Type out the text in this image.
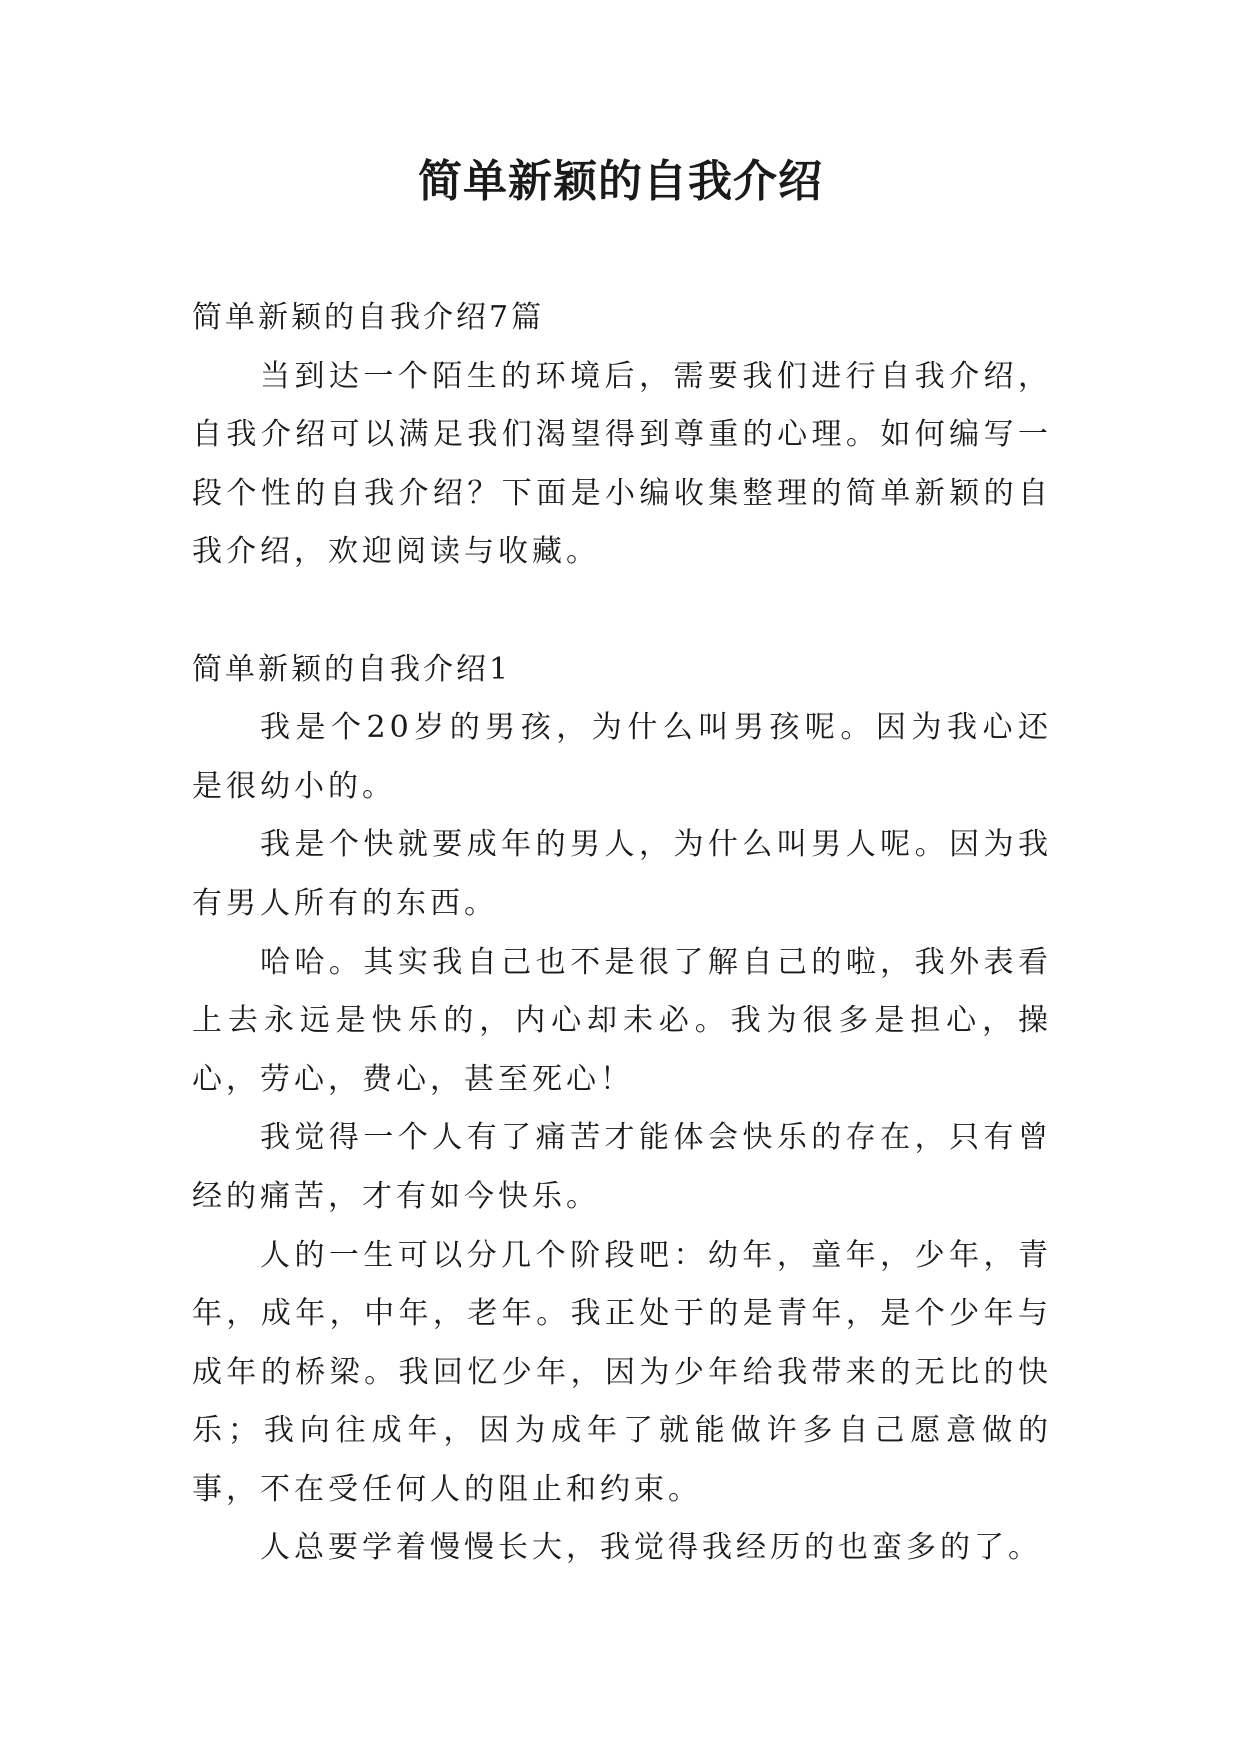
简单新颖的自我介绍

简单新颖的自我介绍7篇

当到达一个陌生的环境后，需要我们进行自我介绍，自我介绍可以满足我们渴望得到尊重的心理。如何编写一段个性的自我介绍？下面是小编收集整理的简单新颖的自我介绍，欢迎阅读与收藏。

简单新颖的自我介绍1

我是个20岁的男孩，为什么叫男孩呢。因为我心还是很幼小的。

我是个快就要成年的男人，为什么叫男人呢。因为我有男人所有的东西。

哈哈。其实我自己也不是很了解自己的啦，我外表看上去永远是快乐的，内心却未必。我为很多是担心，操心，劳心，费心，甚至死心！

我觉得一个人有了痛苦才能体会快乐的存在，只有曾经的痛苦，才有如今快乐。

人的一生可以分几个阶段吧：幼年，童年，少年，青年，成年，中年，老年。我正处于的是青年，是个少年与成年的桥梁。我回忆少年，因为少年给我带来的无比的快乐；我向往成年，因为成年了就能做许多自己愿意做的事，不在受任何人的阻止和约束。

人总要学着慢慢长大，我觉得我经历的也蛮多的了。
